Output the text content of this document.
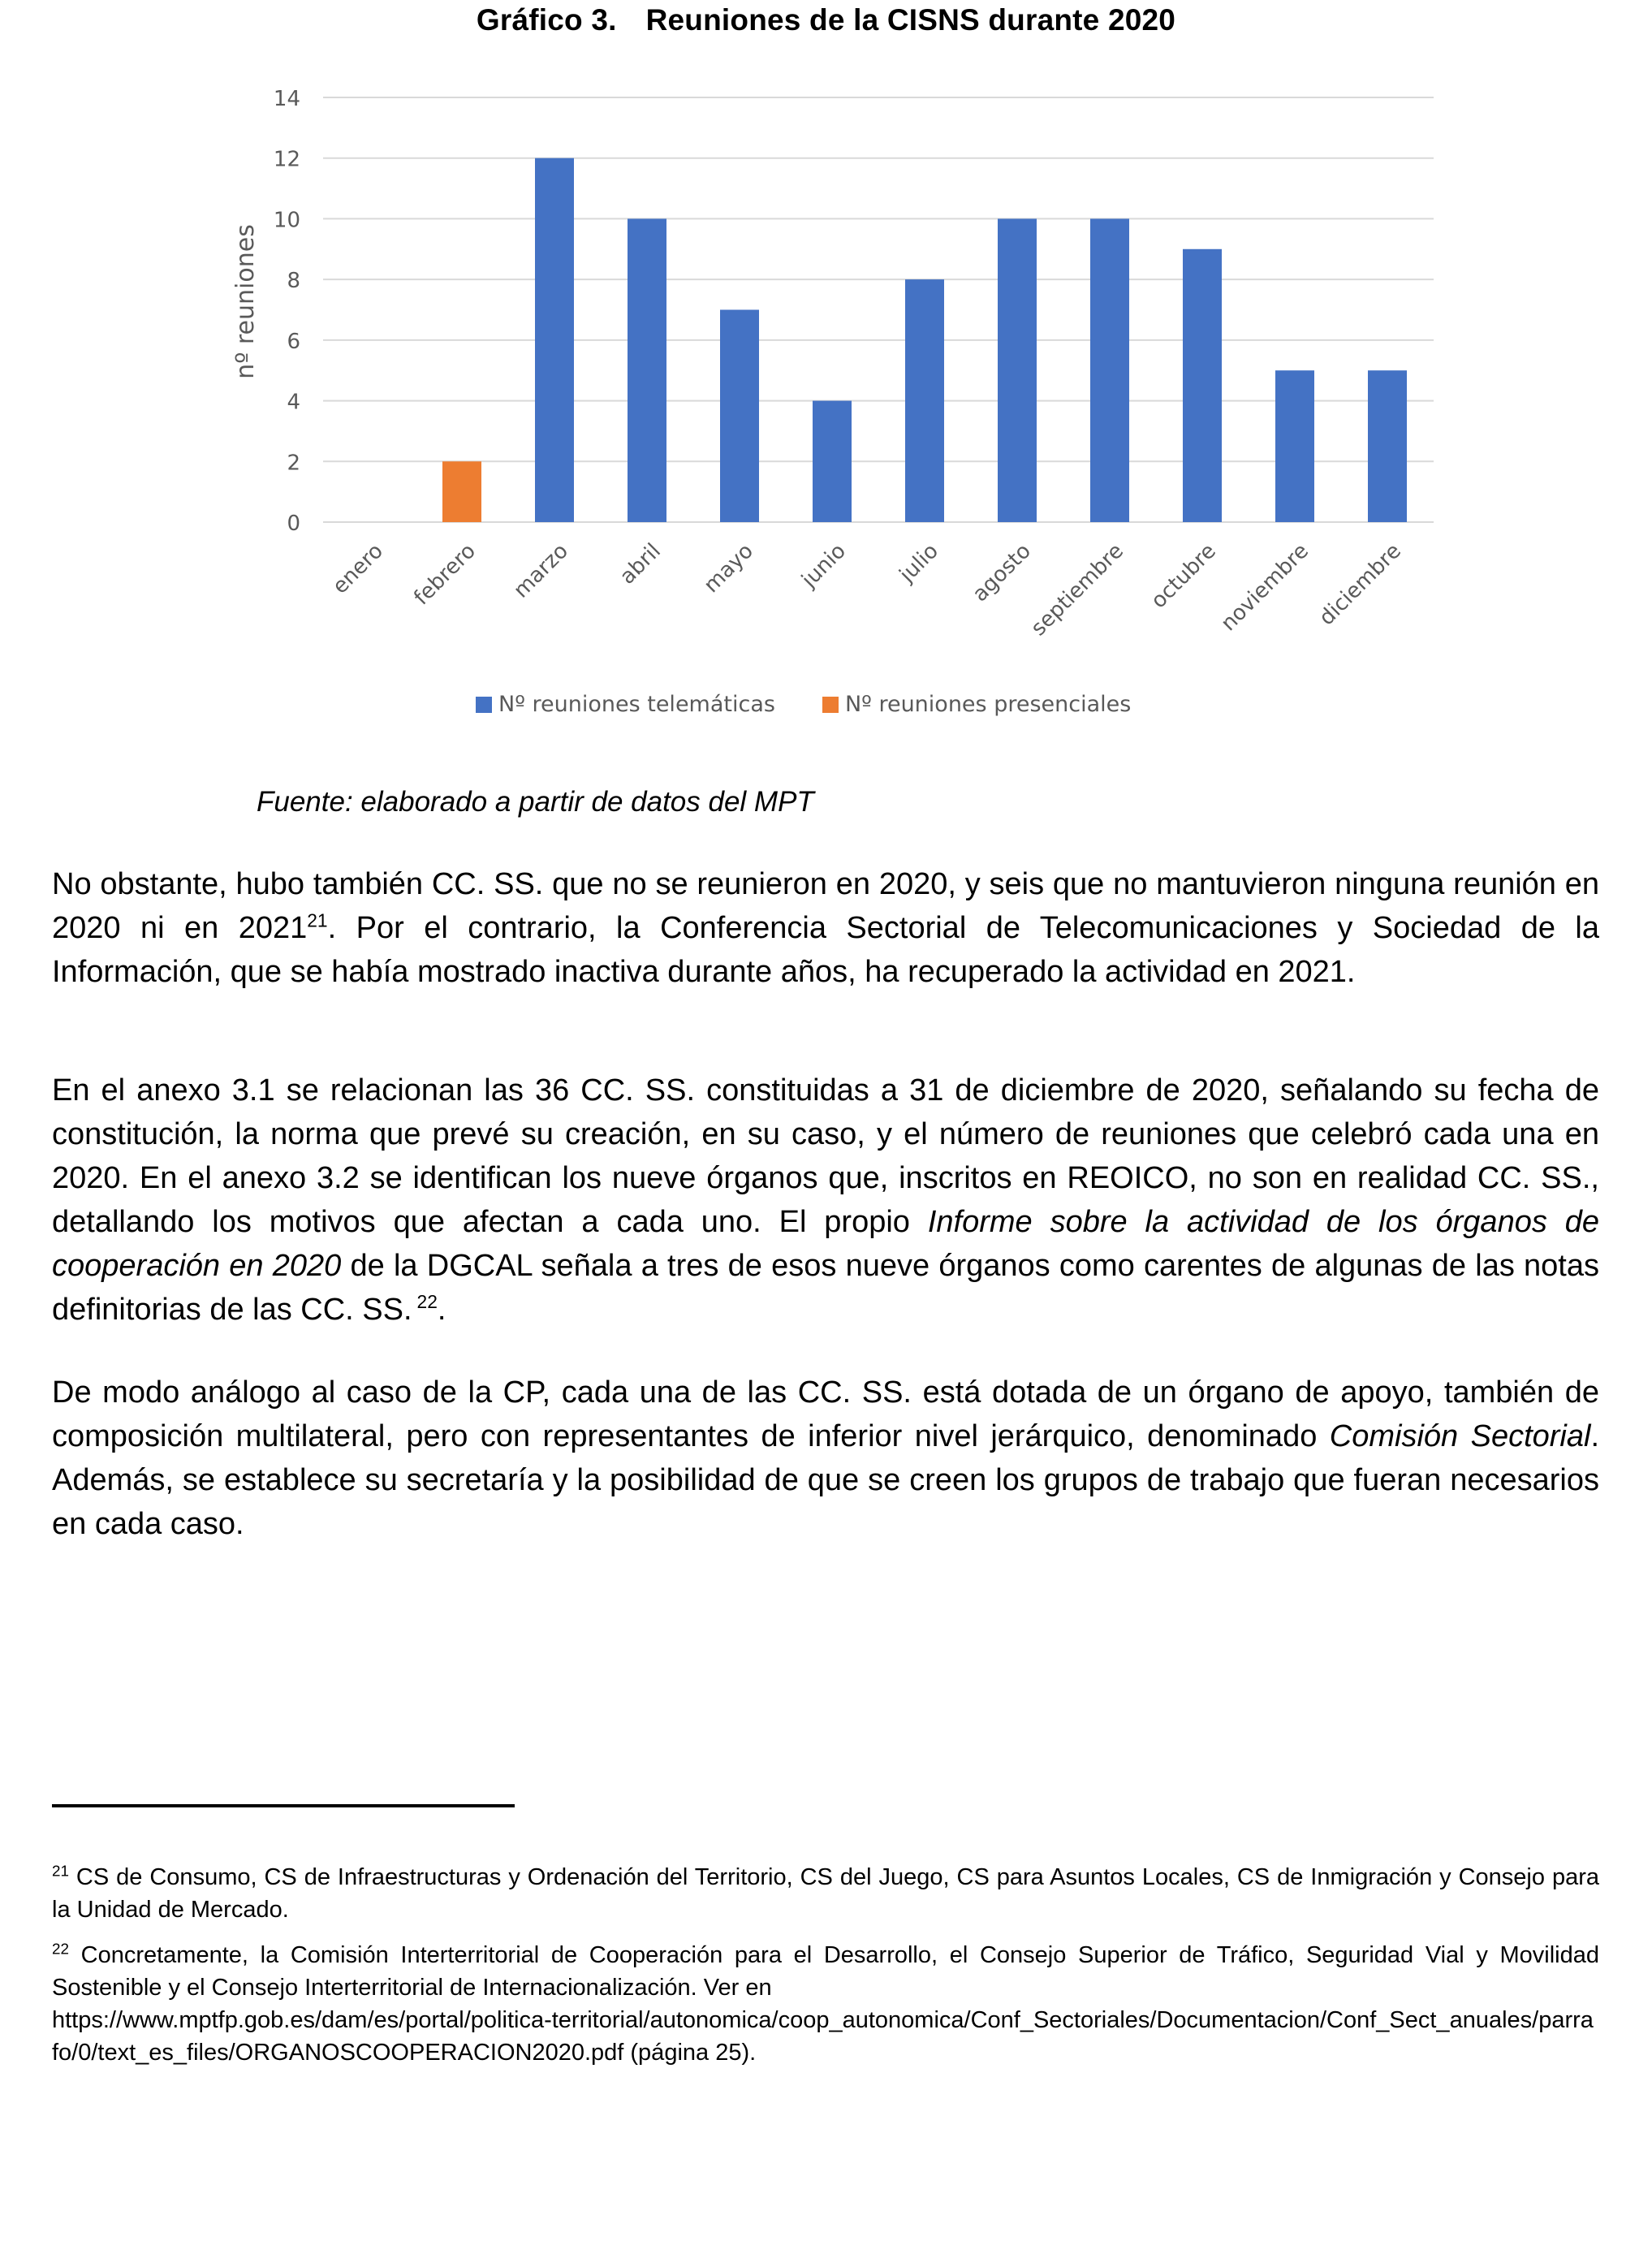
Gráfico 3. Reuniones de la CISNS durante 2020
0
2
4
6
8
10
12
14
nº reuniones
enero febrero marzo abril mayo junio julio agosto
septiembre octubre
noviembre diciembre
Nº reuniones telemáticas	Nº reuniones presenciales
Fuente: elaborado a partir de datos del MPT

No obstante, hubo también CC. SS. que no se reunieron en 2020, y seis que no mantuvieron ninguna reunión en 2020 ni en 2021$^{21}$. Por el contrario, la Conferencia Sectorial de Telecomunicaciones y Sociedad de la Información, que se había mostrado inactiva durante años, ha recuperado la actividad en 2021.

En el anexo 3.1 se relacionan las 36 CC. SS. constituidas a 31 de diciembre de 2020, señalando su fecha de constitución, la norma que prevé su creación, en su caso, y el número de reuniones que celebró cada una en 2020. En el anexo 3.2 se identifican los nueve órganos que, inscritos en REOICO, no son en realidad CC. SS., detallando los motivos que afectan a cada uno. El propio Informe sobre la actividad de los órganos de cooperación en 2020 de la DGCAL señala a tres de esos nueve órganos como carentes de algunas de las notas definitorias de las CC. SS. $^{22}$.

De modo análogo al caso de la CP, cada una de las CC. SS. está dotada de un órgano de apoyo, también de composición multilateral, pero con representantes de inferior nivel jerárquico, denominado Comisión Sectorial. Además, se establece su secretaría y la posibilidad de que se creen los grupos de trabajo que fueran necesarios en cada caso.

$^{21}$ CS de Consumo, CS de Infraestructuras y Ordenación del Territorio, CS del Juego, CS para Asuntos Locales, CS de Inmigración y Consejo para la Unidad de Mercado.

$^{22}$ Concretamente, la Comisión Interterritorial de Cooperación para el Desarrollo, el Consejo Superior de Tráfico, Seguridad Vial y Movilidad Sostenible y el Consejo Interterritorial de Internacionalización. Ver en
https://www.mptfp.gob.es/dam/es/portal/politica-territorial/autonomica/coop_autonomica/Conf_Sectoriales/Documentacion/Conf_Sect_anuales/parrafo/0/text_es_files/ORGANOSCOOPERACION2020.pdf (página 25).
